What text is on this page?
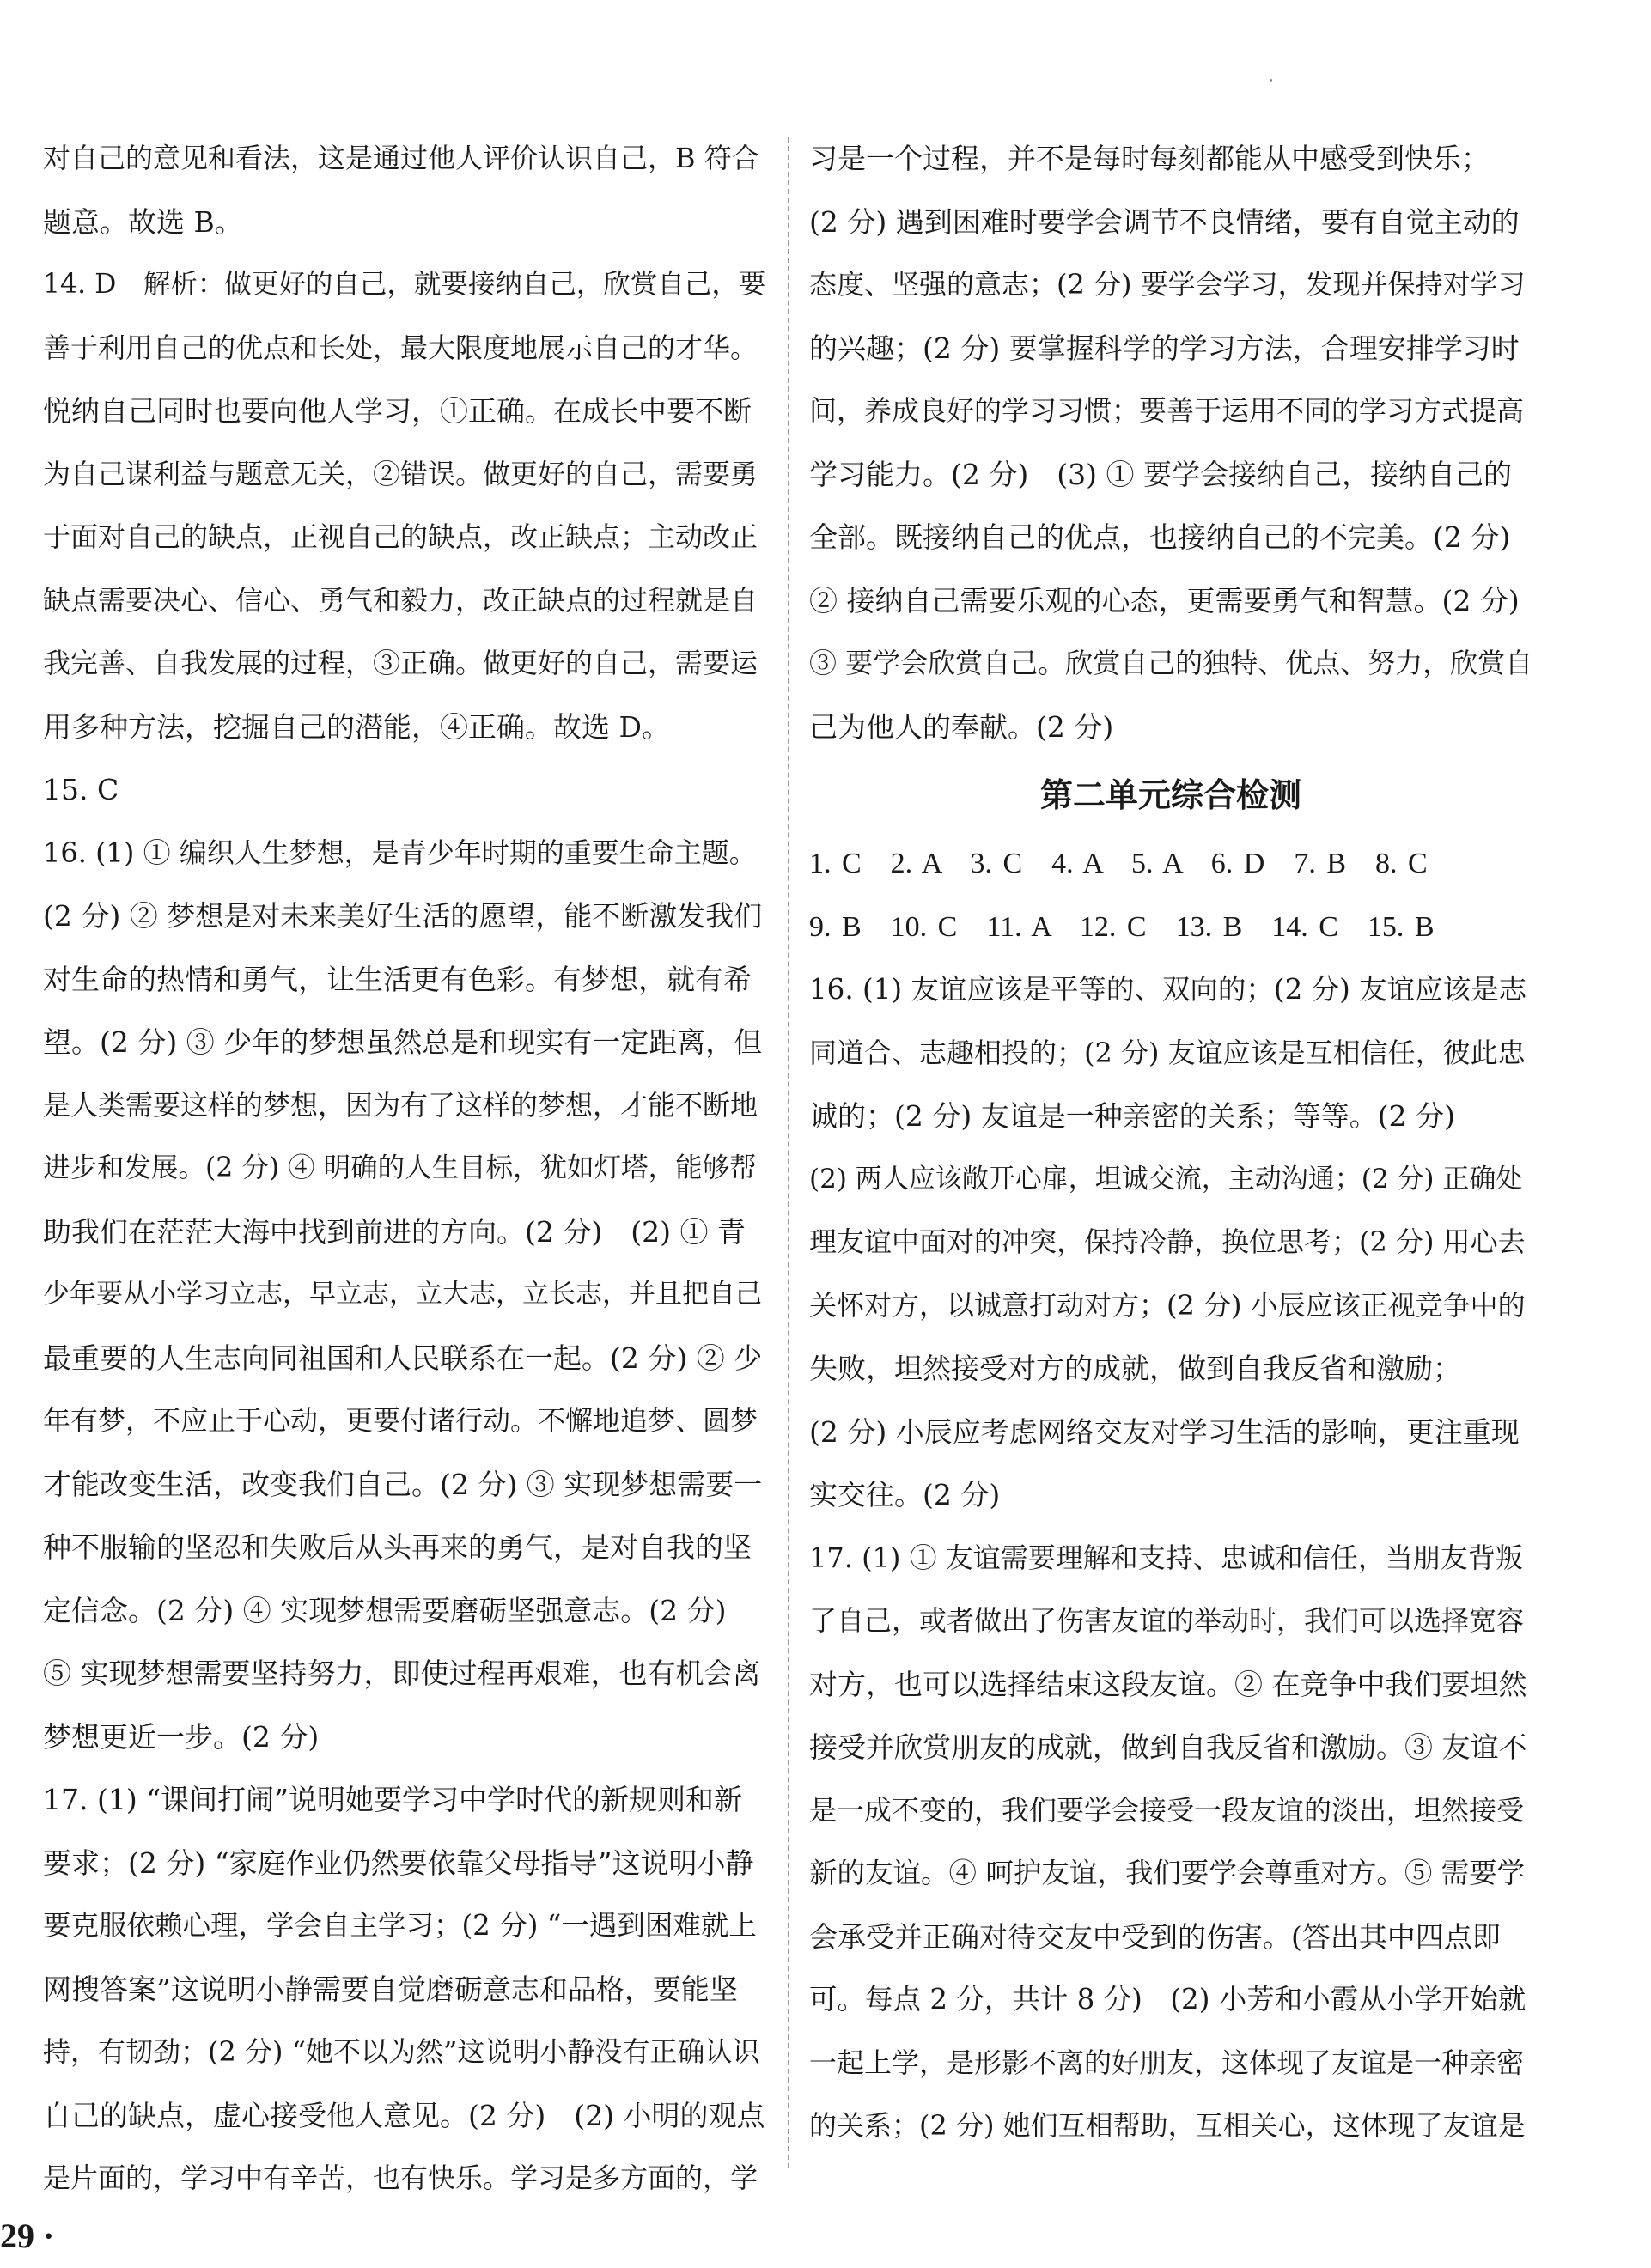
对自己的意见和看法，这是通过他人评价认识自己，B 符合
题意。故选 B。
14. D　解析：做更好的自己，就要接纳自己，欣赏自己，要
善于利用自己的优点和长处，最大限度地展示自己的才华。
悦纳自己同时也要向他人学习，①正确。在成长中要不断
为自己谋利益与题意无关，②错误。做更好的自己，需要勇
于面对自己的缺点，正视自己的缺点，改正缺点；主动改正
缺点需要决心、信心、勇气和毅力，改正缺点的过程就是自
我完善、自我发展的过程，③正确。做更好的自己，需要运
用多种方法，挖掘自己的潜能，④正确。故选 D。
15. C
16. (1) ① 编织人生梦想，是青少年时期的重要生命主题。
(2 分) ② 梦想是对未来美好生活的愿望，能不断激发我们
对生命的热情和勇气，让生活更有色彩。有梦想，就有希
望。(2 分) ③ 少年的梦想虽然总是和现实有一定距离，但
是人类需要这样的梦想，因为有了这样的梦想，才能不断地
进步和发展。(2 分) ④ 明确的人生目标，犹如灯塔，能够帮
助我们在茫茫大海中找到前进的方向。(2 分)　(2) ① 青
少年要从小学习立志，早立志，立大志，立长志，并且把自己
最重要的人生志向同祖国和人民联系在一起。(2 分) ② 少
年有梦，不应止于心动，更要付诸行动。不懈地追梦、圆梦
才能改变生活，改变我们自己。(2 分) ③ 实现梦想需要一
种不服输的坚忍和失败后从头再来的勇气，是对自我的坚
定信念。(2 分) ④ 实现梦想需要磨砺坚强意志。(2 分)
⑤ 实现梦想需要坚持努力，即使过程再艰难，也有机会离
梦想更近一步。(2 分)
17. (1) “课间打闹”说明她要学习中学时代的新规则和新
要求；(2 分) “家庭作业仍然要依靠父母指导”这说明小静
要克服依赖心理，学会自主学习；(2 分) “一遇到困难就上
网搜答案”这说明小静需要自觉磨砺意志和品格，要能坚
持，有韧劲；(2 分) “她不以为然”这说明小静没有正确认识
自己的缺点，虚心接受他人意见。(2 分)　(2) 小明的观点
是片面的，学习中有辛苦，也有快乐。学习是多方面的，学
习是一个过程，并不是每时每刻都能从中感受到快乐；
(2 分) 遇到困难时要学会调节不良情绪，要有自觉主动的
态度、坚强的意志；(2 分) 要学会学习，发现并保持对学习
的兴趣；(2 分) 要掌握科学的学习方法，合理安排学习时
间，养成良好的学习习惯；要善于运用不同的学习方式提高
学习能力。(2 分)　(3) ① 要学会接纳自己，接纳自己的
全部。既接纳自己的优点，也接纳自己的不完美。(2 分)
② 接纳自己需要乐观的心态，更需要勇气和智慧。(2 分)
③ 要学会欣赏自己。欣赏自己的独特、优点、努力，欣赏自
己为他人的奉献。(2 分)
第二单元综合检测
1. C　2. A　3. C　4. A　5. A　6. D　7. B　8. C
9. B　10. C　11. A　12. C　13. B　14. C　15. B
16. (1) 友谊应该是平等的、双向的；(2 分) 友谊应该是志
同道合、志趣相投的；(2 分) 友谊应该是互相信任，彼此忠
诚的；(2 分) 友谊是一种亲密的关系；等等。(2 分)
(2) 两人应该敞开心扉，坦诚交流，主动沟通；(2 分) 正确处
理友谊中面对的冲突，保持冷静，换位思考；(2 分) 用心去
关怀对方，以诚意打动对方；(2 分) 小辰应该正视竞争中的
失败，坦然接受对方的成就，做到自我反省和激励；
(2 分) 小辰应考虑网络交友对学习生活的影响，更注重现
实交往。(2 分)
17. (1) ① 友谊需要理解和支持、忠诚和信任，当朋友背叛
了自己，或者做出了伤害友谊的举动时，我们可以选择宽容
对方，也可以选择结束这段友谊。② 在竞争中我们要坦然
接受并欣赏朋友的成就，做到自我反省和激励。③ 友谊不
是一成不变的，我们要学会接受一段友谊的淡出，坦然接受
新的友谊。④ 呵护友谊，我们要学会尊重对方。⑤ 需要学
会承受并正确对待交友中受到的伤害。(答出其中四点即
可。每点 2 分，共计 8 分)　(2) 小芳和小霞从小学开始就
一起上学，是形影不离的好朋友，这体现了友谊是一种亲密
的关系；(2 分) 她们互相帮助，互相关心，这体现了友谊是
29 ·
